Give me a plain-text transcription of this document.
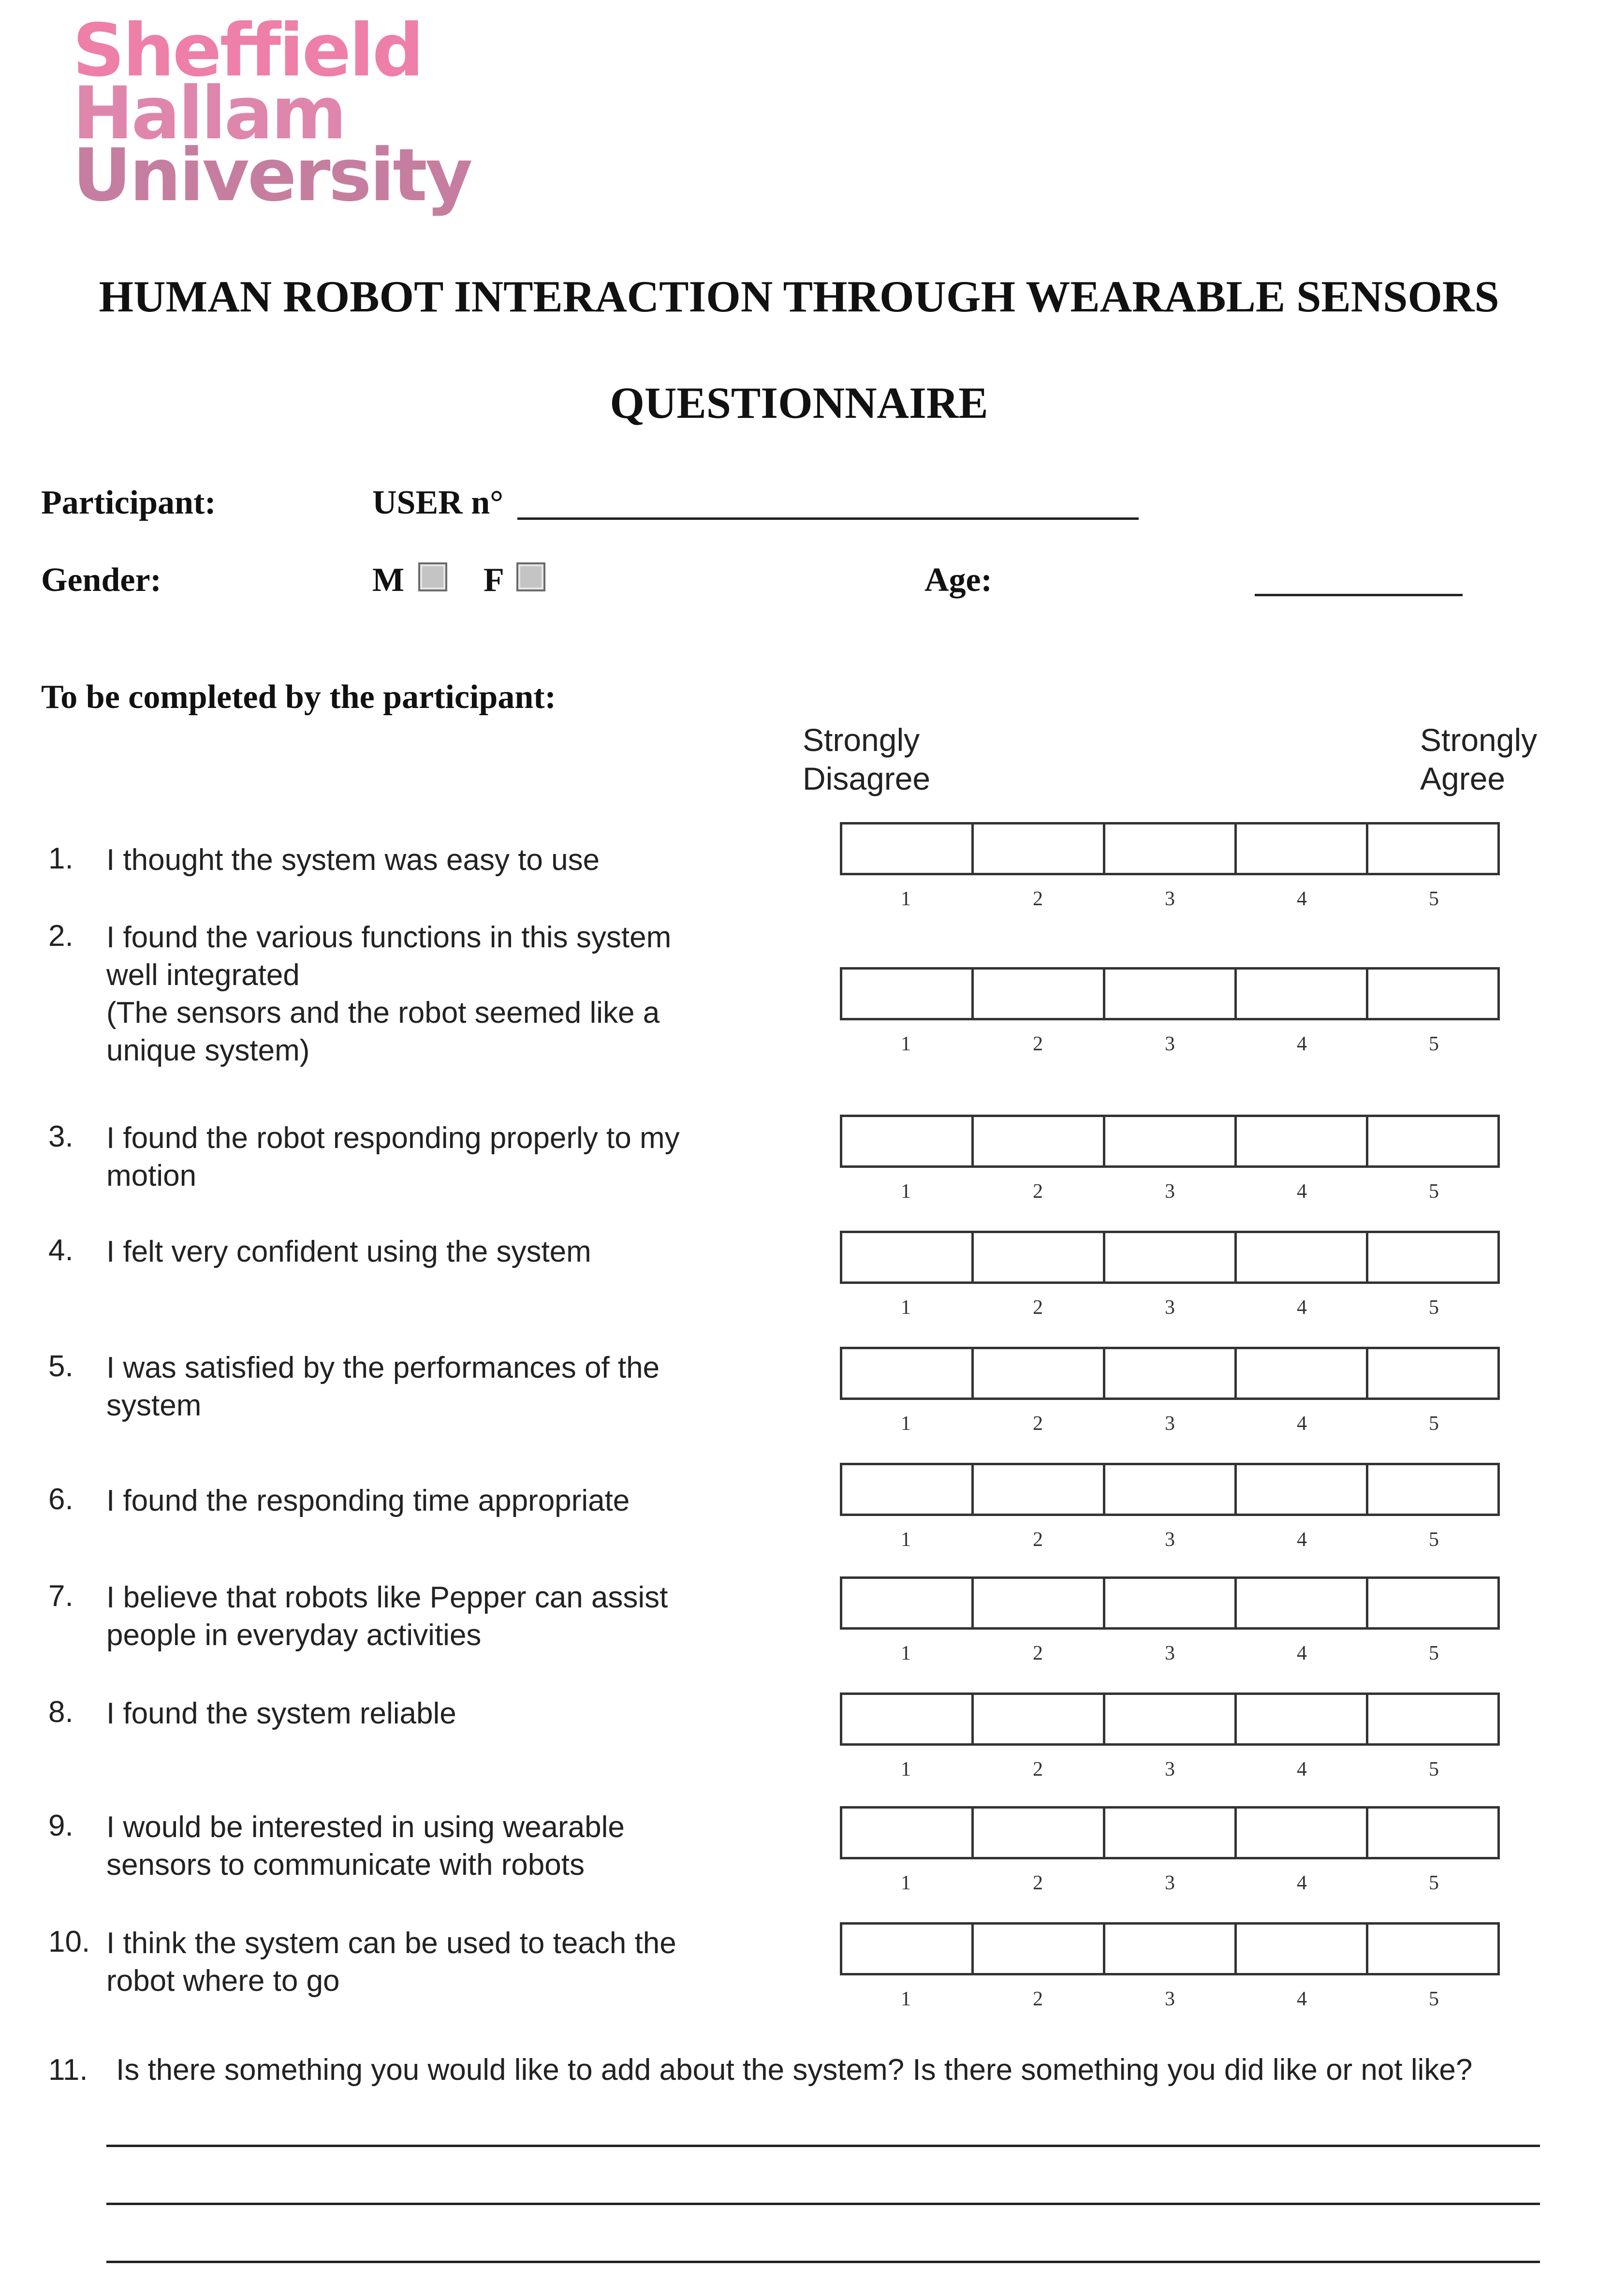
Sheffield
Hallam
University
HUMAN ROBOT INTERACTION THROUGH WEARABLE SENSORS
QUESTIONNAIRE
Participant:	USER n°
Gender:	M F	Age:
To be completed by the participant:
Strongly
Disagree
Strongly
Agree
1. I thought the system was easy to use
1	2	3	4	5
2. I found the various functions in this system
well integrated
(The sensors and the robot seemed like a
unique system)	1	2	3	4	5
3. I found the robot responding properly to my
motion	1	2	3	4	5
4. I felt very confident using the system
1	2	3	4	5
5. I was satisfied by the performances of the
system
1	2	3	4	5
6. I found the responding time appropriate
1	2	3	4	5
7. I believe that robots like Pepper can assist
people in everyday activities
1	2	3	4	5
8. I found the system reliable
1	2	3	4	5
9. I would be interested in using wearable
sensors to communicate with robots
1	2	3	4	5
10. I think the system can be used to teach the
robot where to go
1	2	3	4	5
11. Is there something you would like to add about the system? Is there something you did like or not like?
